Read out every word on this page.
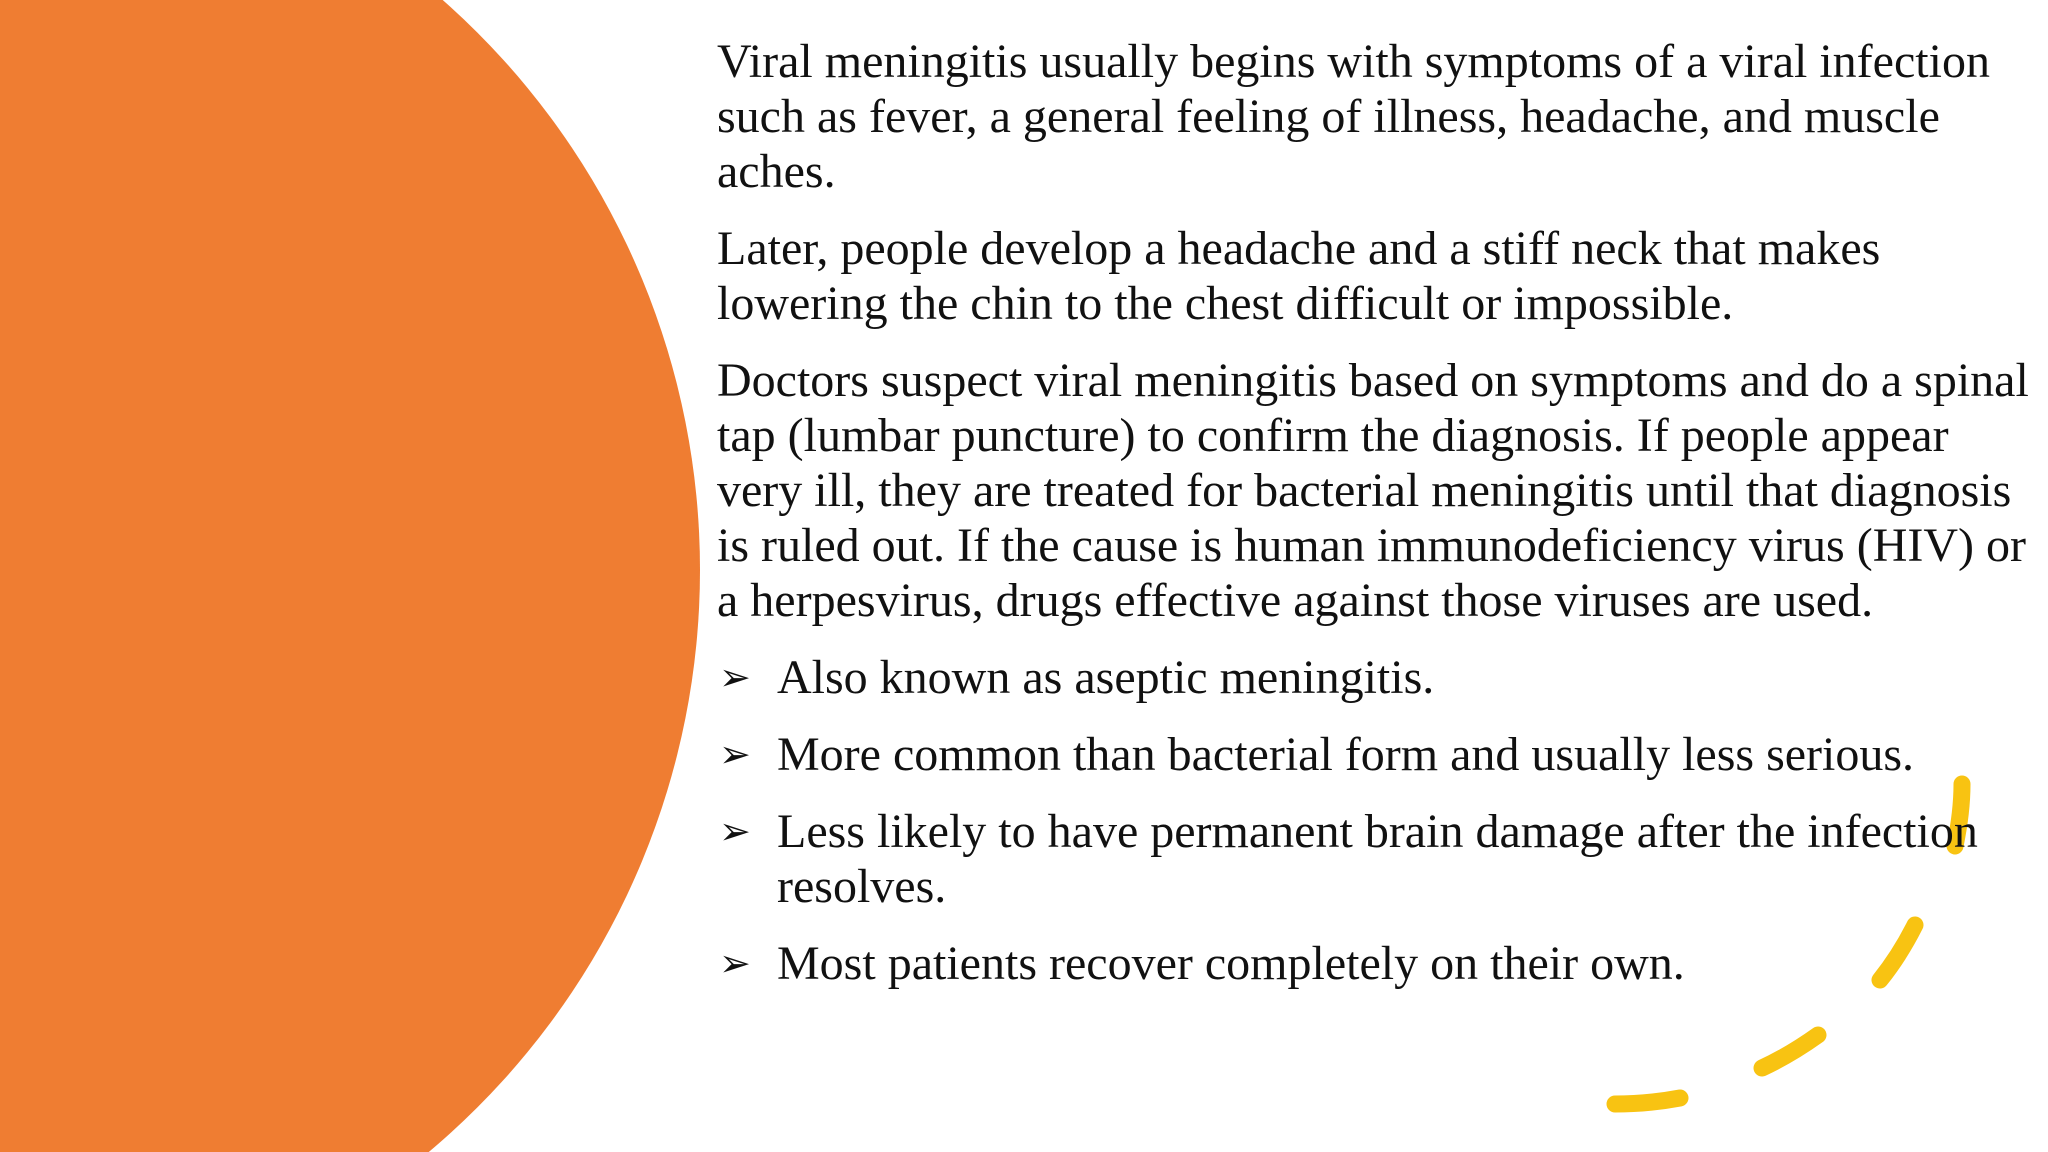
Viral meningitis usually begins with symptoms of a viral infection such as fever, a general feeling of illness, headache, and muscle aches.

Later, people develop a headache and a stiff neck that makes lowering the chin to the chest difficult or impossible.

Doctors suspect viral meningitis based on symptoms and do a spinal tap (lumbar puncture) to confirm the diagnosis. If people appear very ill, they are treated for bacterial meningitis until that diagnosis is ruled out. If the cause is human immunodeficiency virus (HIV) or a herpesvirus, drugs effective against those viruses are used.

➢ Also known as aseptic meningitis.
➢ More common than bacterial form and usually less serious.
➢ Less likely to have permanent brain damage after the infection resolves.
➢ Most patients recover completely on their own.
